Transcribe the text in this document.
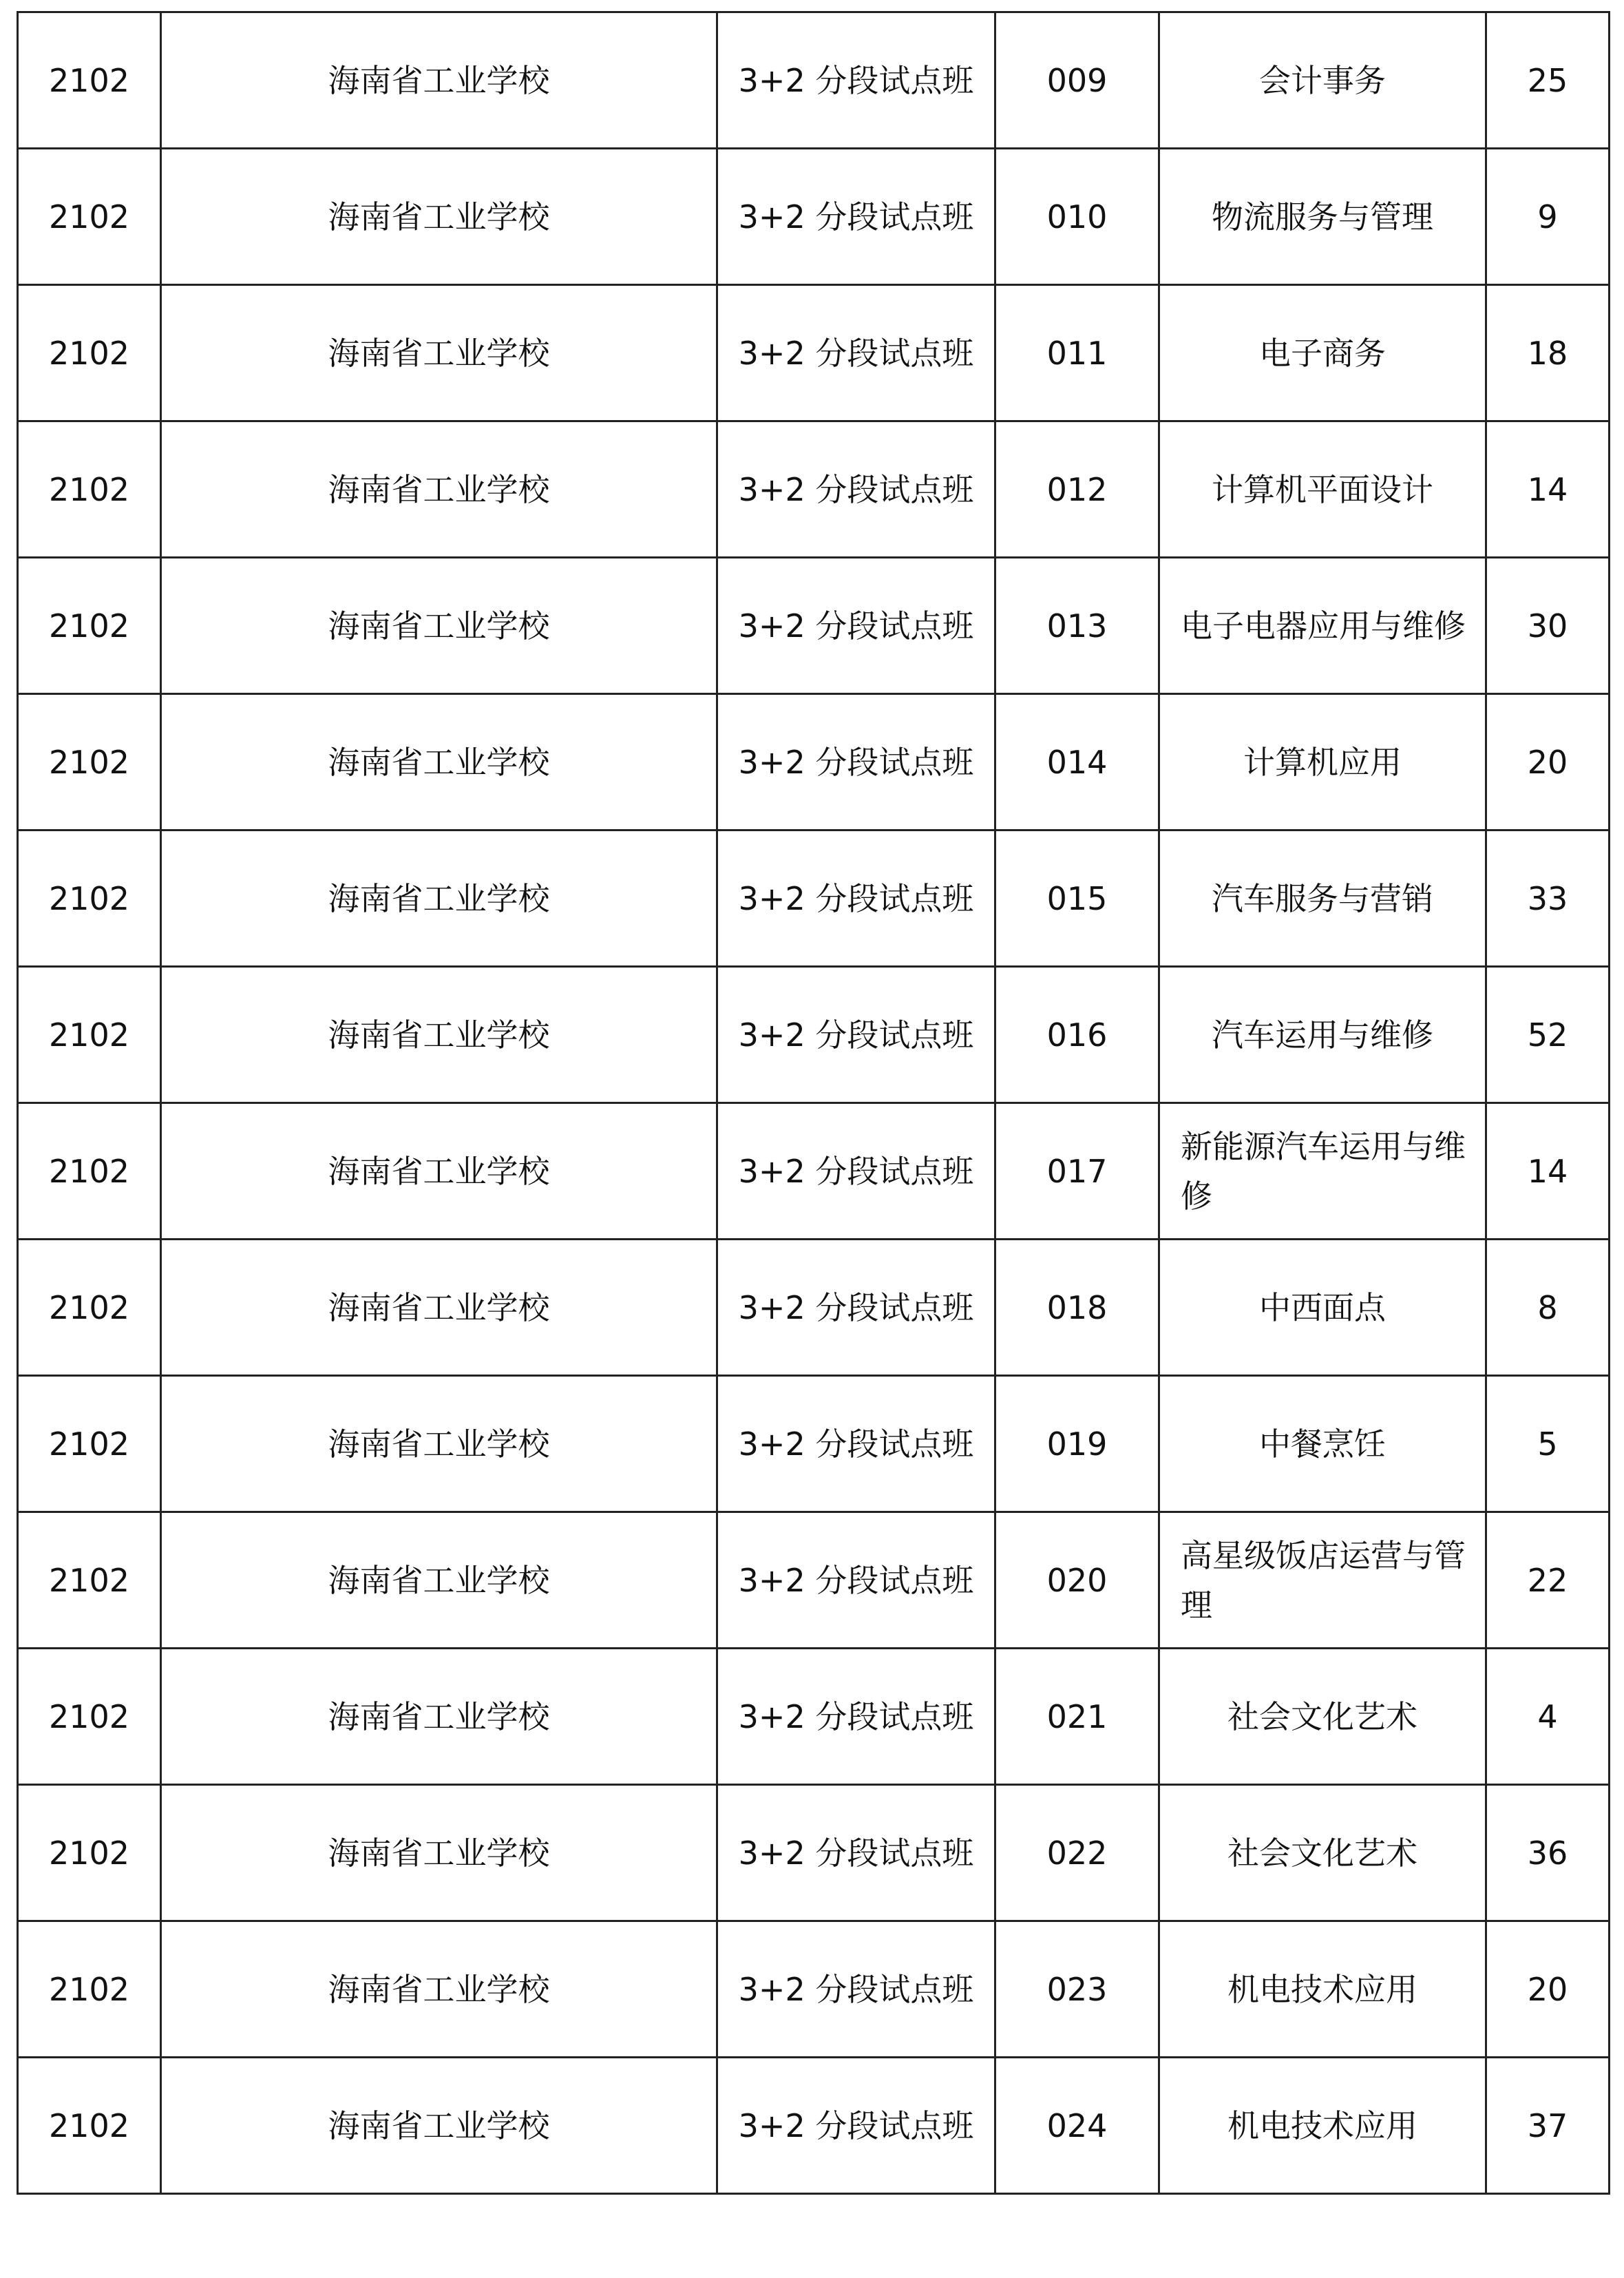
2102	海南省工业学校	3+2 分段试点班	009	会计事务	25
2102	海南省工业学校	3+2 分段试点班	010	物流服务与管理	9
2102	海南省工业学校	3+2 分段试点班	011	电子商务	18
2102	海南省工业学校	3+2 分段试点班	012	计算机平面设计	14
2102	海南省工业学校	3+2 分段试点班	013	电子电器应用与维修	30
2102	海南省工业学校	3+2 分段试点班	014	计算机应用	20
2102	海南省工业学校	3+2 分段试点班	015	汽车服务与营销	33
2102	海南省工业学校	3+2 分段试点班	016	汽车运用与维修	52
2102	海南省工业学校	3+2 分段试点班	017	新能源汽车运用与维修	14
2102	海南省工业学校	3+2 分段试点班	018	中西面点	8
2102	海南省工业学校	3+2 分段试点班	019	中餐烹饪	5
2102	海南省工业学校	3+2 分段试点班	020	高星级饭店运营与管理	22
2102	海南省工业学校	3+2 分段试点班	021	社会文化艺术	4
2102	海南省工业学校	3+2 分段试点班	022	社会文化艺术	36
2102	海南省工业学校	3+2 分段试点班	023	机电技术应用	20
2102	海南省工业学校	3+2 分段试点班	024	机电技术应用	37
